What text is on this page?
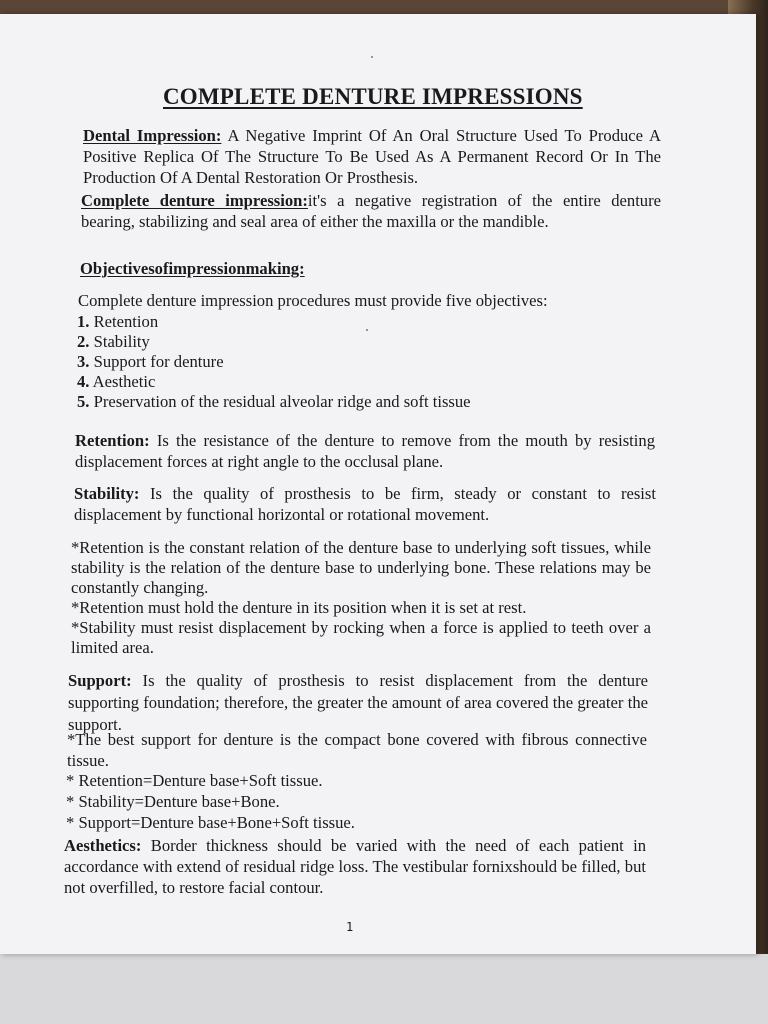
COMPLETE DENTURE IMPRESSIONS

Dental Impression: A Negative Imprint Of An Oral Structure Used To Produce A Positive Replica Of The Structure To Be Used As A Permanent Record Or In The Production Of A Dental Restoration Or Prosthesis.

Complete denture impression:it's a negative registration of the entire denture bearing, stabilizing and seal area of either the maxilla or the mandible.

Objectivesofimpressionmaking:

Complete denture impression procedures must provide five objectives:

1. Retention
2. Stability
3. Support for denture
4. Aesthetic
5. Preservation of the residual alveolar ridge and soft tissue

Retention: Is the resistance of the denture to remove from the mouth by resisting displacement forces at right angle to the occlusal plane.

Stability: Is the quality of prosthesis to be firm, steady or constant to resist displacement by functional horizontal or rotational movement.

*Retention is the constant relation of the denture base to underlying soft tissues, while stability is the relation of the denture base to underlying bone. These relations may be constantly changing.
*Retention must hold the denture in its position when it is set at rest.
*Stability must resist displacement by rocking when a force is applied to teeth over a limited area.

Support: Is the quality of prosthesis to resist displacement from the denture supporting foundation; therefore, the greater the amount of area covered the greater the support.

*The best support for denture is the compact bone covered with fibrous connective tissue.

* Retention=Denture base+Soft tissue.
* Stability=Denture base+Bone.
* Support=Denture base+Bone+Soft tissue.

Aesthetics: Border thickness should be varied with the need of each patient in accordance with extend of residual ridge loss. The vestibular fornixshould be filled, but not overfilled, to restore facial contour.

1
